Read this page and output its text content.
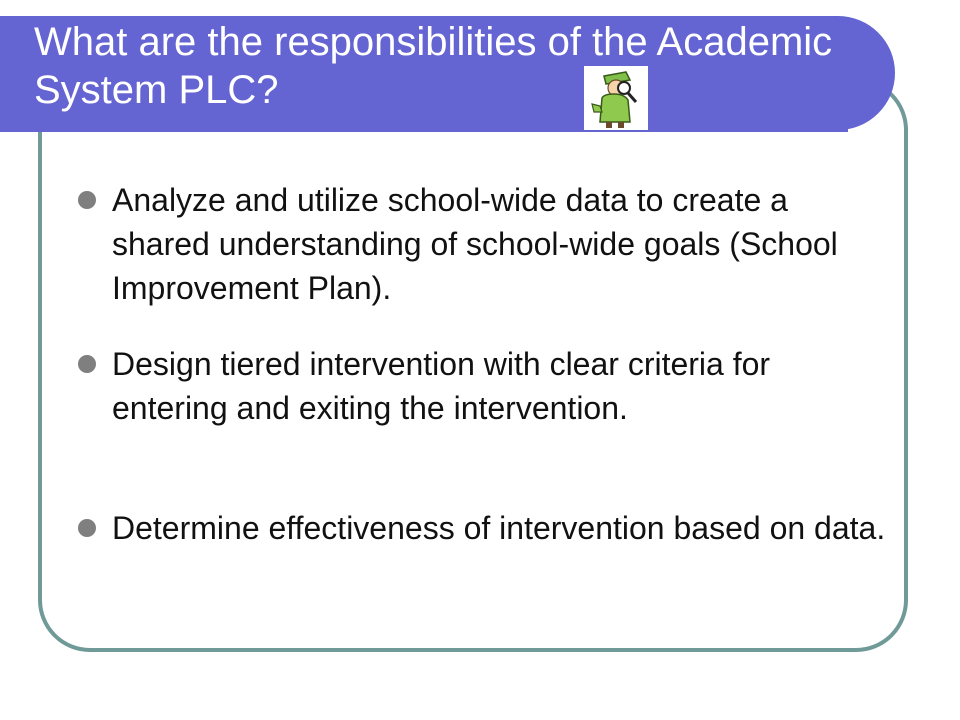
What are the responsibilities of the Academic System PLC?
Analyze and utilize school-wide data to create a shared understanding of school-wide goals (School Improvement Plan).
Design tiered intervention with clear criteria for entering and exiting the intervention.
Determine effectiveness of intervention based on data.
